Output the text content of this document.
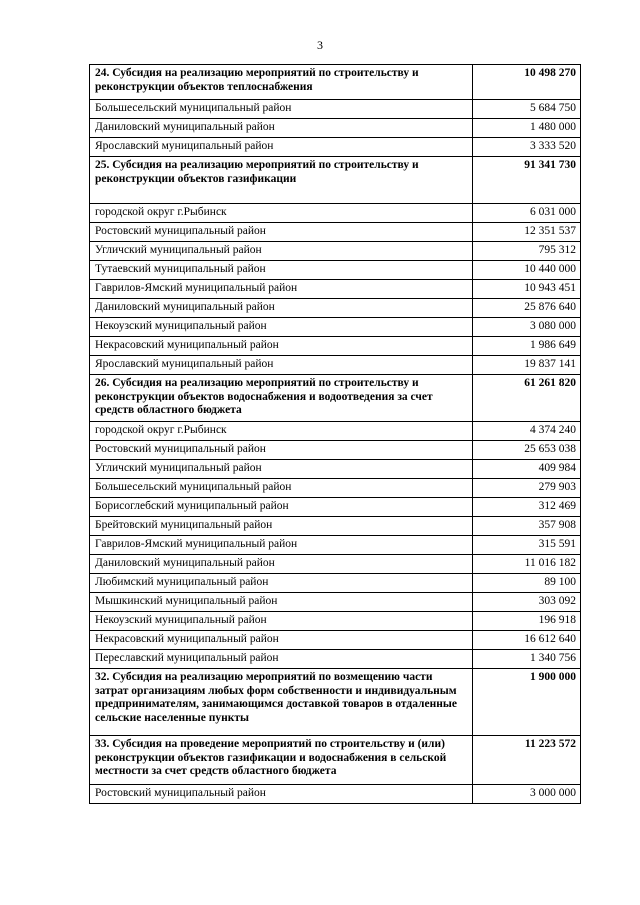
3
24. Субсидия на реализацию мероприятий по строительству и реконструкции объектов теплоснабжения	10 498 270
Большесельский муниципальный район	5 684 750
Даниловский муниципальный район	1 480 000
Ярославский муниципальный район	3 333 520
25. Субсидия на реализацию мероприятий по строительству и реконструкции объектов газификации	91 341 730
городской округ г.Рыбинск	6 031 000
Ростовский муниципальный район	12 351 537
Угличский муниципальный район	795 312
Тутаевский муниципальный район	10 440 000
Гаврилов-Ямский муниципальный район	10 943 451
Даниловский муниципальный район	25 876 640
Некоузский муниципальный район	3 080 000
Некрасовский муниципальный район	1 986 649
Ярославский муниципальный район	19 837 141
26. Субсидия на реализацию мероприятий по строительству и реконструкции объектов водоснабжения и водоотведения за счет средств областного бюджета	61 261 820
городской округ г.Рыбинск	4 374 240
Ростовский муниципальный район	25 653 038
Угличский муниципальный район	409 984
Большесельский муниципальный район	279 903
Борисоглебский муниципальный район	312 469
Брейтовский муниципальный район	357 908
Гаврилов-Ямский муниципальный район	315 591
Даниловский муниципальный район	11 016 182
Любимский муниципальный район	89 100
Мышкинский муниципальный район	303 092
Некоузский муниципальный район	196 918
Некрасовский муниципальный район	16 612 640
Переславский муниципальный район	1 340 756
32. Субсидия на реализацию мероприятий по возмещению части затрат организациям любых форм собственности и индивидуальным предпринимателям, занимающимся доставкой товаров в отдаленные сельские населенные пункты	1 900 000
33. Субсидия на проведение мероприятий по строительству и (или) реконструкции объектов газификации и водоснабжения в сельской местности за счет средств областного бюджета	11 223 572
Ростовский муниципальный район	3 000 000
